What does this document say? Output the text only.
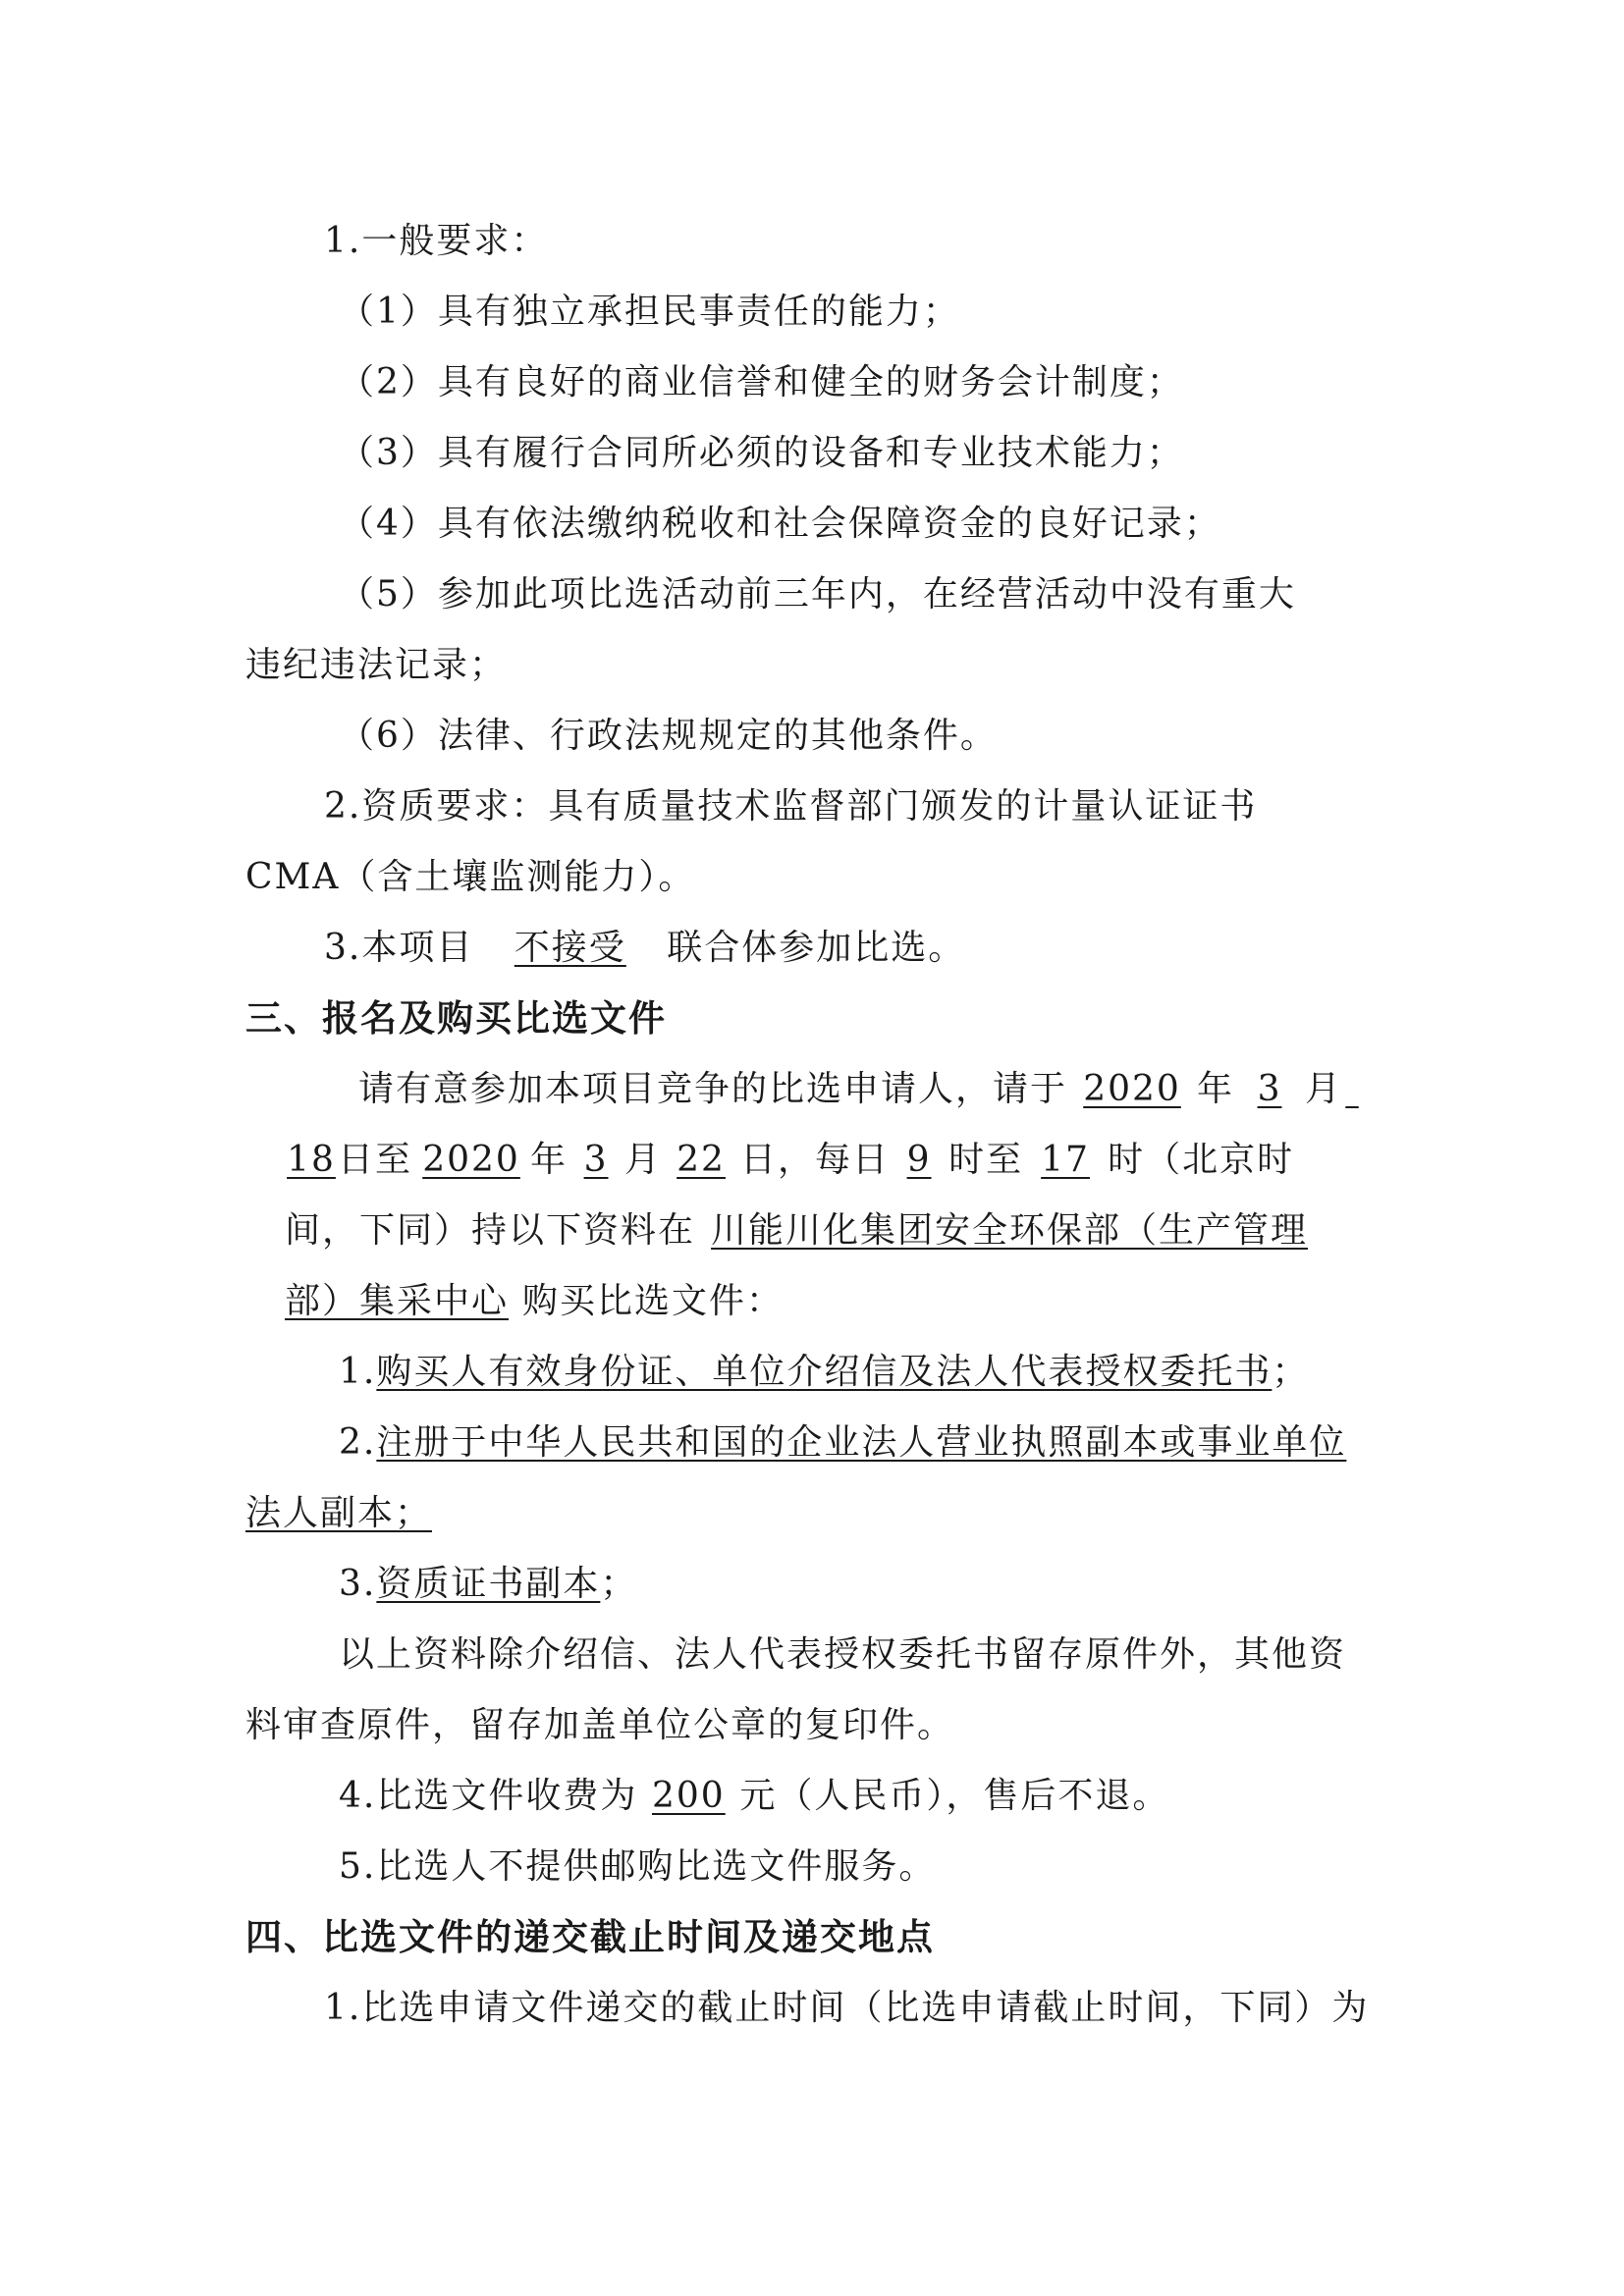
1.一般要求：
（1）具有独立承担民事责任的能力；
（2）具有良好的商业信誉和健全的财务会计制度；
（3）具有履行合同所必须的设备和专业技术能力；
（4）具有依法缴纳税收和社会保障资金的良好记录；
（5）参加此项比选活动前三年内，在经营活动中没有重大
违纪违法记录；
（6）法律、行政法规规定的其他条件。
2.资质要求：具有质量技术监督部门颁发的计量认证证书
CMA（含土壤监测能力）。
3.本项目 不接受 联合体参加比选。
三、报名及购买比选文件
请有意参加本项目竞争的比选申请人，请于 2020 年 3 月
18日至 2020 年 3 月 22 日，每日 9 时至 17 时（北京时
间，下同）持以下资料在 川能川化集团安全环保部（生产管理
部）集采中心 购买比选文件：
1.购买人有效身份证、单位介绍信及法人代表授权委托书；
2.注册于中华人民共和国的企业法人营业执照副本或事业单位
法人副本；
3.资质证书副本；
以上资料除介绍信、法人代表授权委托书留存原件外，其他资
料审查原件，留存加盖单位公章的复印件。
4.比选文件收费为 200 元（人民币），售后不退。
5.比选人不提供邮购比选文件服务。
四、比选文件的递交截止时间及递交地点
1.比选申请文件递交的截止时间（比选申请截止时间，下同）为
